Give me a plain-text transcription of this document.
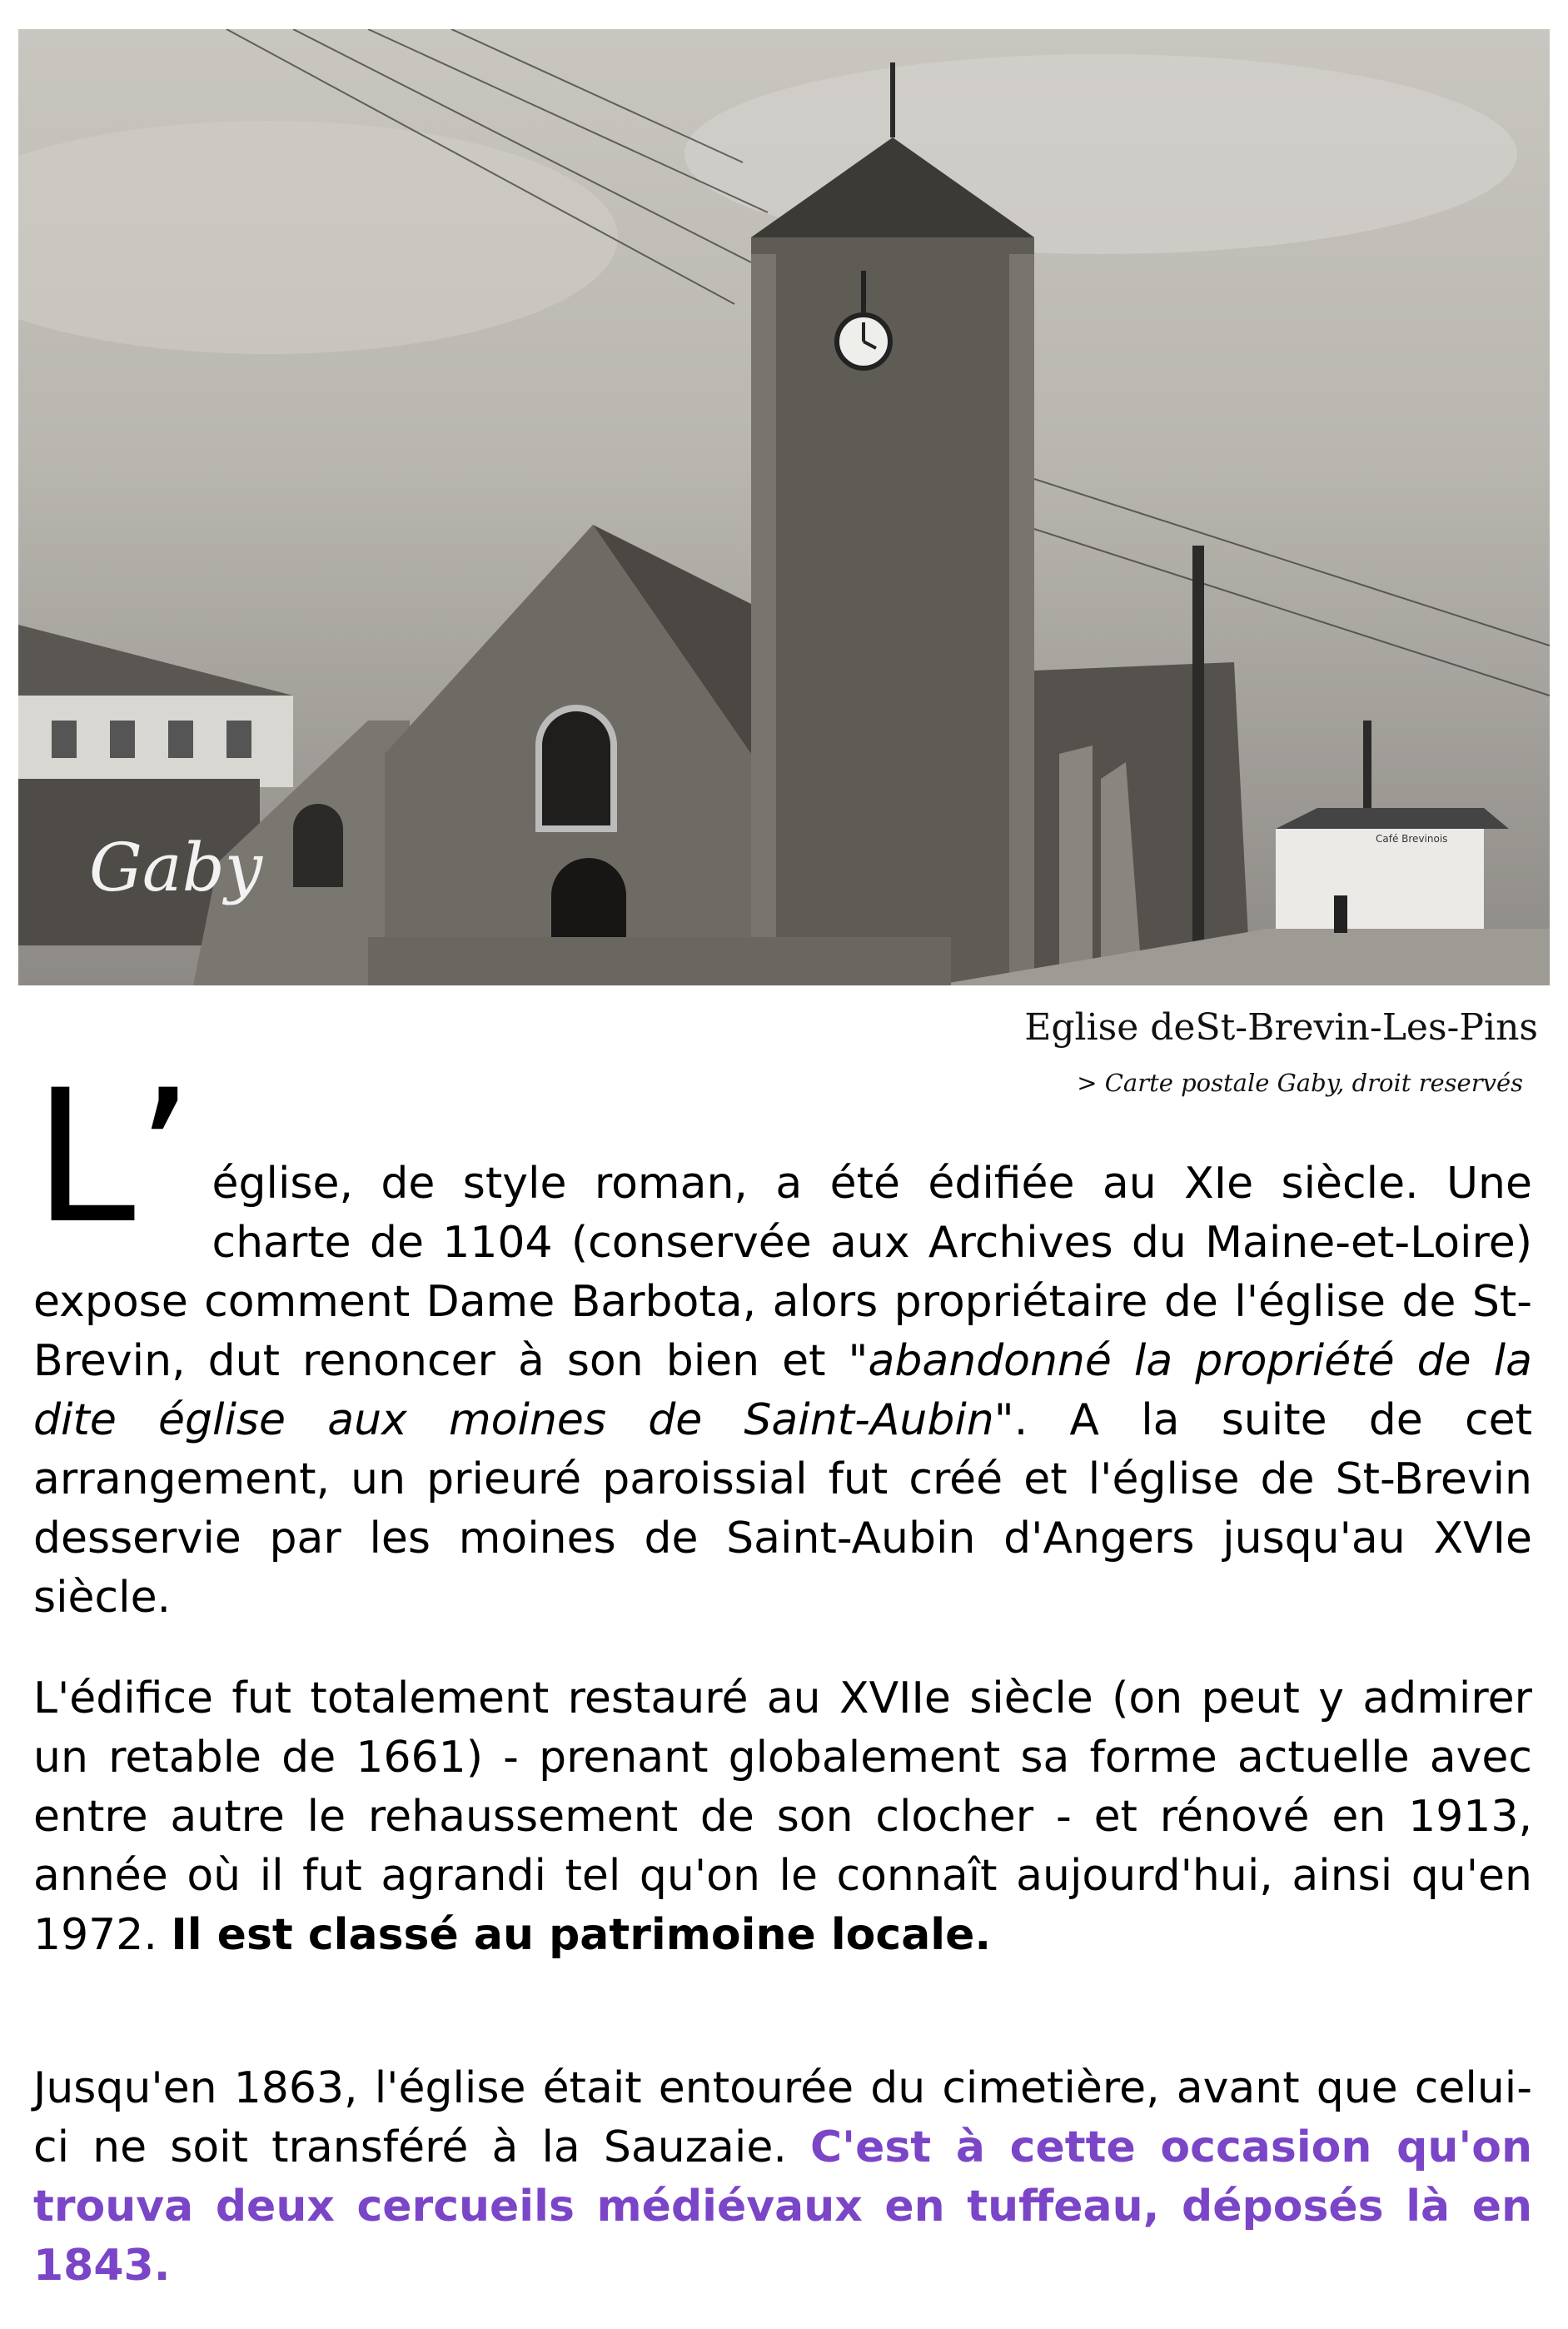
Gaby	Café Brevinois

Eglise deSt-Brevin-Les-Pins

> Carte postale Gaby, droit reservés

L’ église, de style roman, a été édifiée au XIe siècle. Une charte de 1104 (conservée aux Archives du Maine-et-Loire) expose comment Dame Barbota, alors propriétaire de l'église de St-Brevin, dut renoncer à son bien et "abandonné la propriété de la dite église aux moines de Saint-Aubin". A la suite de cet arrangement, un prieuré paroissial fut créé et l'église de St-Brevin desservie par les moines de Saint-Aubin d'Angers jusqu'au XVIe siècle.
L'édifice fut totalement restauré au XVIIe siècle (on peut y admirer un retable de 1661) - prenant globalement sa forme actuelle avec entre autre le rehaussement de son clocher - et rénové en 1913, année où il fut agrandi tel qu'on le connaît aujourd'hui, ainsi qu'en 1972. Il est classé au patrimoine locale.
Jusqu'en 1863, l'église était entourée du cimetière, avant que celui-ci ne soit transféré à la Sauzaie. C'est à cette occasion qu'on trouva deux cercueils médiévaux en tuffeau, déposés là en 1843.
